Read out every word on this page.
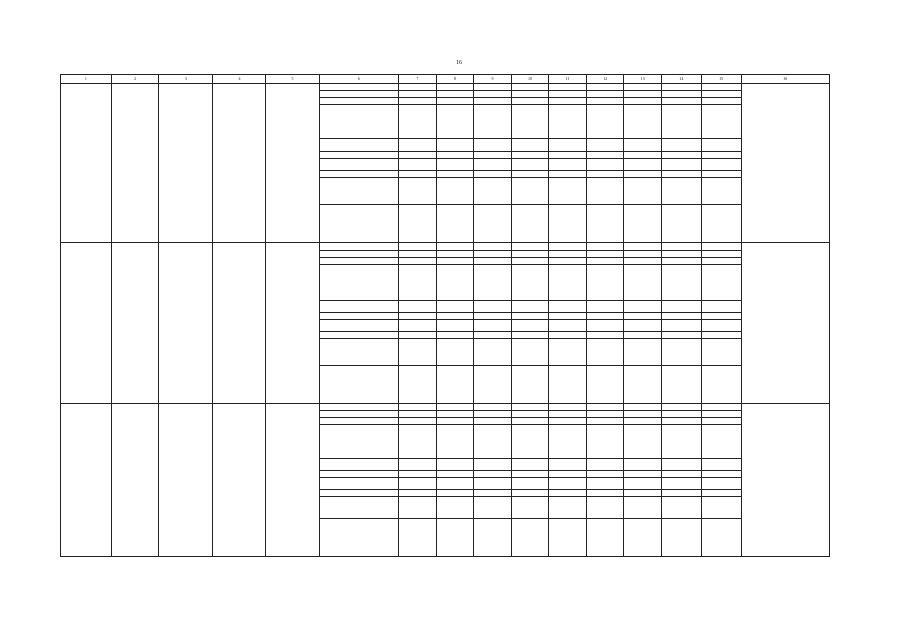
16
1	2	3	4	5	6	7	8	9	10	11	12	13	14	15	16
